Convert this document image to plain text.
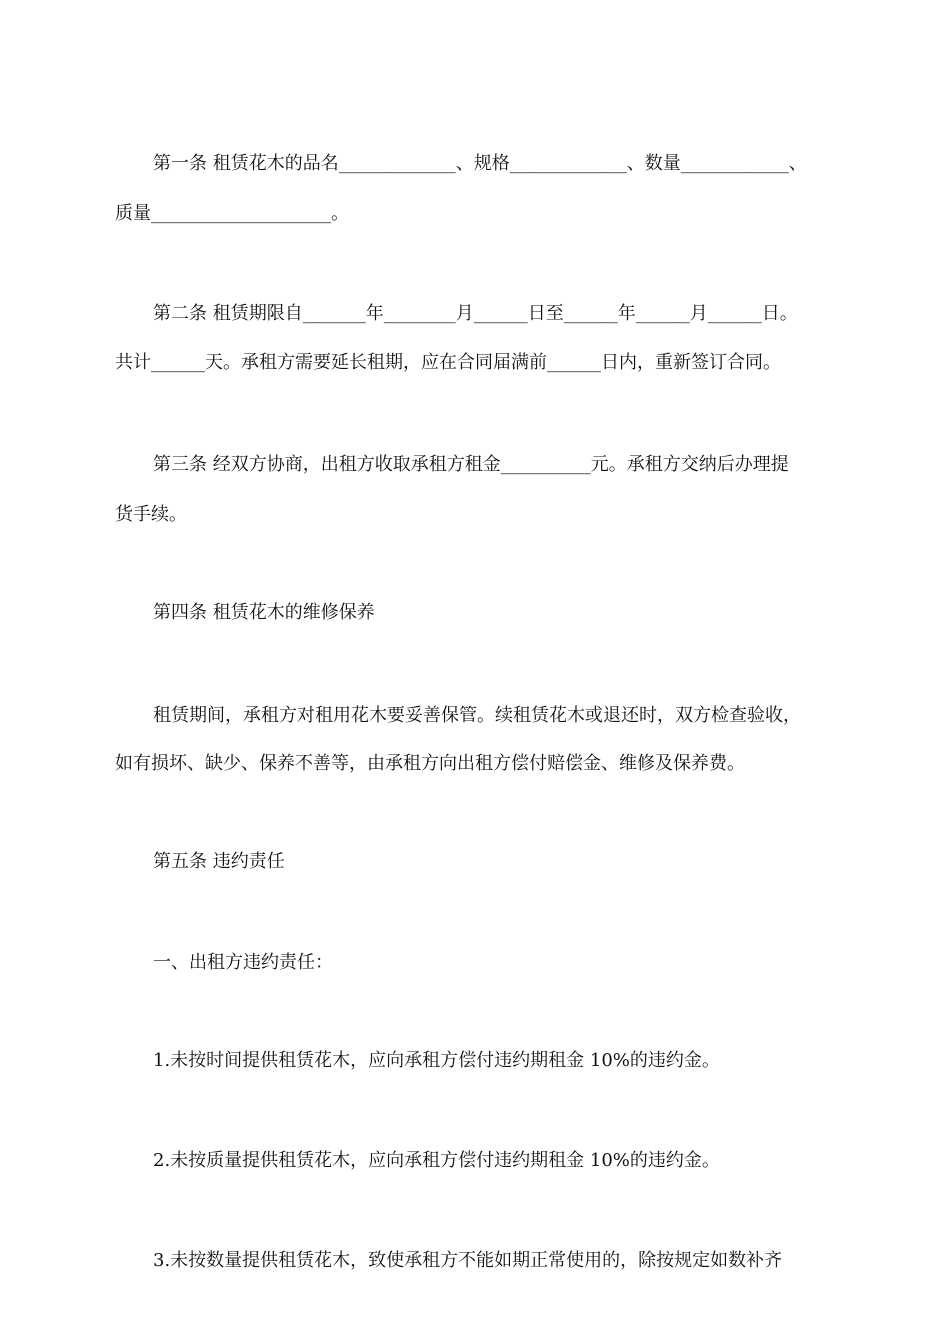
第一条 租赁花木的品名_____________、规格_____________、数量____________、
质量____________________。
第二条 租赁期限自_______年________月______日至______年______月______日。
共计______天。承租方需要延长租期，应在合同届满前______日内，重新签订合同。
第三条 经双方协商，出租方收取承租方租金__________元。承租方交纳后办理提
货手续。
第四条 租赁花木的维修保养
租赁期间，承租方对租用花木要妥善保管。续租赁花木或退还时，双方检查验收，
如有损坏、缺少、保养不善等，由承租方向出租方偿付赔偿金、维修及保养费。
第五条 违约责任
一、出租方违约责任：
1.未按时间提供租赁花木，应向承租方偿付违约期租金 10%的违约金。
2.未按质量提供租赁花木，应向承租方偿付违约期租金 10%的违约金。
3.未按数量提供租赁花木，致使承租方不能如期正常使用的，除按规定如数补齐
